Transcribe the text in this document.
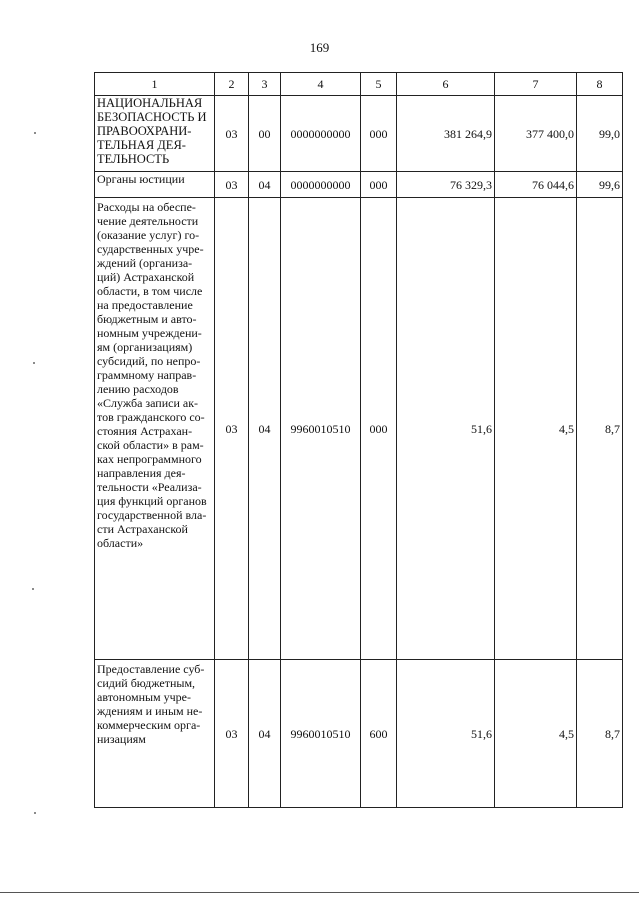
169
1	2	3	4	5	6	7	8
НАЦИОНАЛЬНАЯ БЕЗОПАСНОСТЬ И ПРАВООХРАНИ-ТЕЛЬНАЯ ДЕЯ-ТЕЛЬНОСТЬ	03	00	0000000000	000	381 264,9	377 400,0	99,0
Органы юстиции	03	04	0000000000	000	76 329,3	76 044,6	99,6
Расходы на обеспе-чение деятельности (оказание услуг) го-сударственных учре-ждений (организа-ций) Астраханской области, в том числе на предоставление бюджетным и авто-номным учреждени-ям (организациям) субсидий, по непро-граммному направ-лению расходов «Служба записи ак-тов гражданского со-стояния Астрахан-ской области» в рам-ках непрограммного направления дея-тельности «Реализа-ция функций органов государственной вла-сти Астраханской области»	03	04	9960010510	000	51,6	4,5	8,7
Предоставление суб-сидий бюджетным, автономным учре-ждениям и иным не-коммерческим орга-низациям	03	04	9960010510	600	51,6	4,5	8,7
